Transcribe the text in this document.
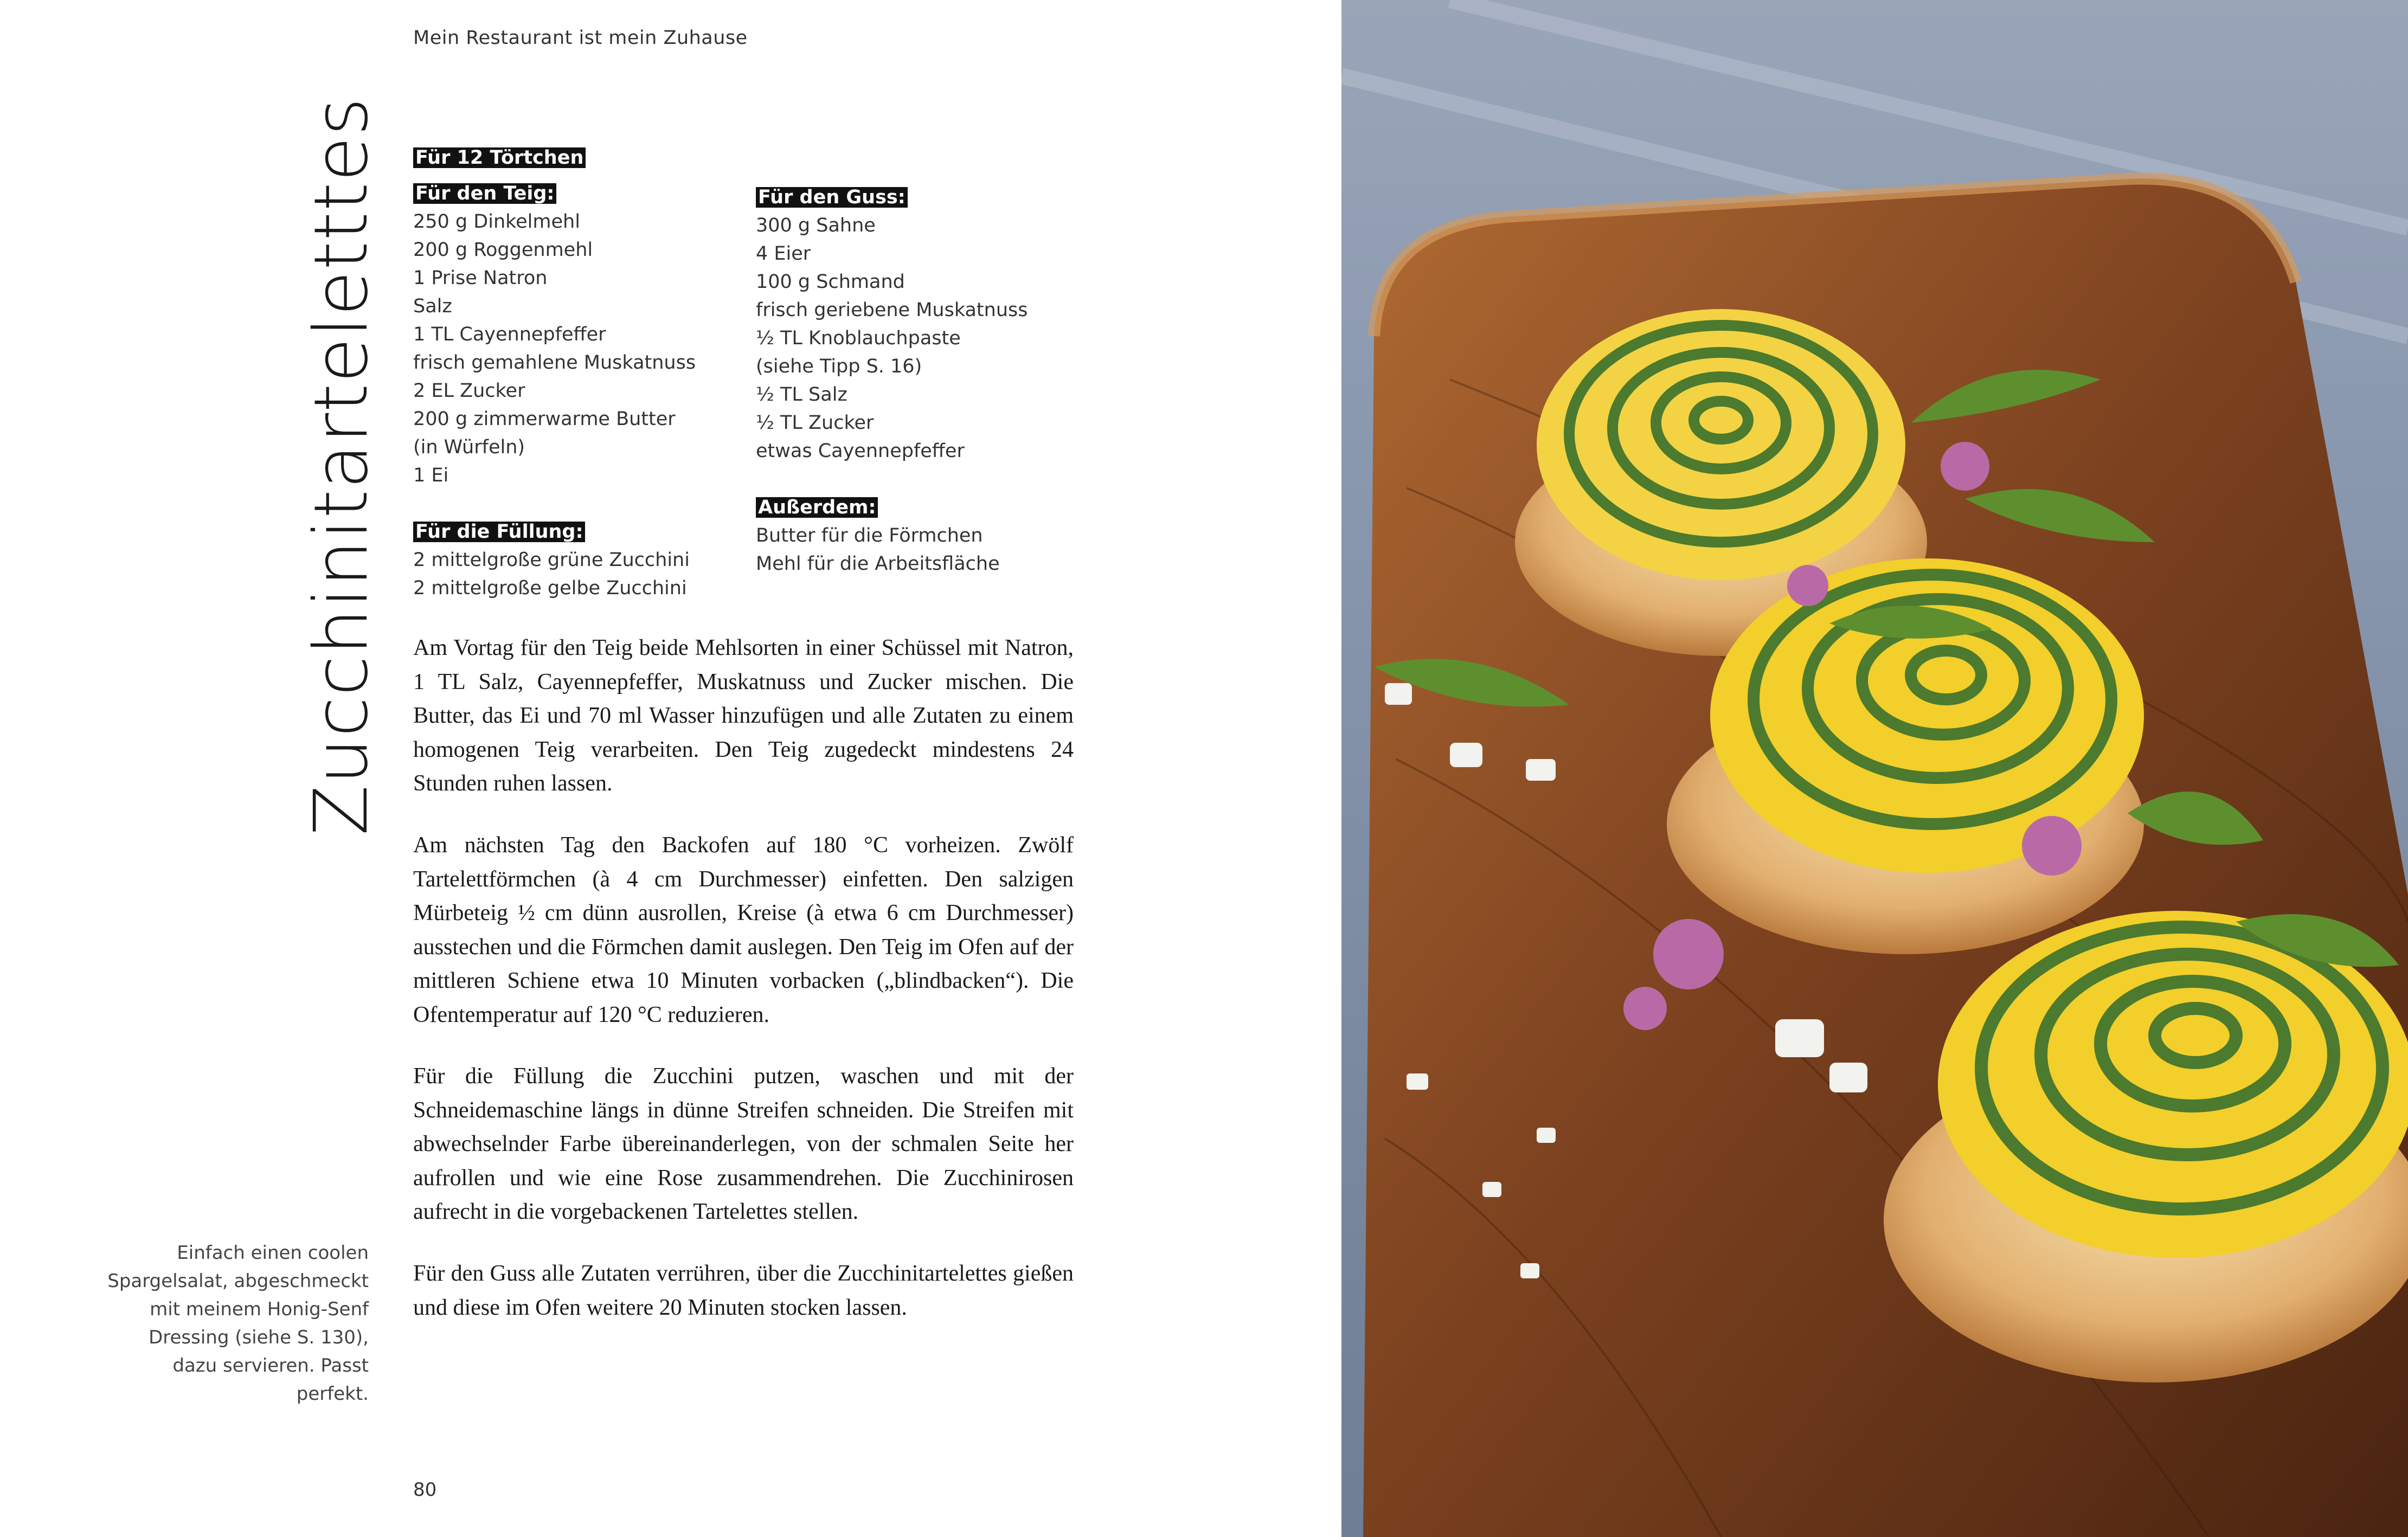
Mein Restaurant ist mein Zuhause
Zucchinitarteletttes Für 12 Törtchen
Für den Teig:
250 g Dinkelmehl
200 g Roggenmehl
1 Prise Natron
Salz
1 TL Cayennepfeffer
frisch gemahlene Muskatnuss
2 EL Zucker
200 g zimmerwarme Butter
(in Würfeln)
1 Ei
Für die Füllung:
2 mittelgroße grüne Zucchini
2 mittelgroße gelbe Zucchini
Für den Guss:
300 g Sahne
4 Eier
100 g Schmand
frisch geriebene Muskatnuss
½ TL Knoblauchpaste
(siehe Tipp S. 16)
½ TL Salz
½ TL Zucker
etwas Cayennepfeffer
Außerdem:
Butter für die Förmchen
Mehl für die Arbeitsfläche
Am Vortag für den Teig beide Mehlsorten in einer Schüssel mit Natron, 1 TL Salz, Cayennepfeffer, Muskatnuss und Zucker mischen. Die Butter, das Ei und 70 ml Wasser hinzufügen und alle Zutaten zu einem homogenen Teig verarbeiten. Den Teig zugedeckt mindestens 24 Stunden ruhen lassen.
Am nächsten Tag den Backofen auf 180 °C vorheizen. Zwölf Tartelettförmchen (à 4 cm Durchmesser) einfetten. Den salzigen Mürbeteig ½ cm dünn ausrollen, Kreise (à etwa 6 cm Durchmesser) ausstechen und die Förmchen damit auslegen. Den Teig im Ofen auf der mittleren Schiene etwa 10 Minuten vorbacken („blindbacken“). Die Ofentemperatur auf 120 °C reduzieren.
Für die Füllung die Zucchini putzen, waschen und mit der Schneidemaschine längs in dünne Streifen schneiden. Die Streifen mit abwechselnder Farbe übereinanderlegen, von der schmalen Seite her aufrollen und wie eine Rose zusammendrehen. Die Zucchinirosen aufrecht in die vorgebackenen Tartelettes stellen.
Für den Guss alle Zutaten verrühren, über die Zucchinitartelettes gießen und diese im Ofen weitere 20 Minuten stocken lassen.
Einfach einen coolen Spargelsalat, abgeschmeckt mit meinem Honig-Senf Dressing (siehe S. 130), dazu servieren. Passt perfekt.
80
